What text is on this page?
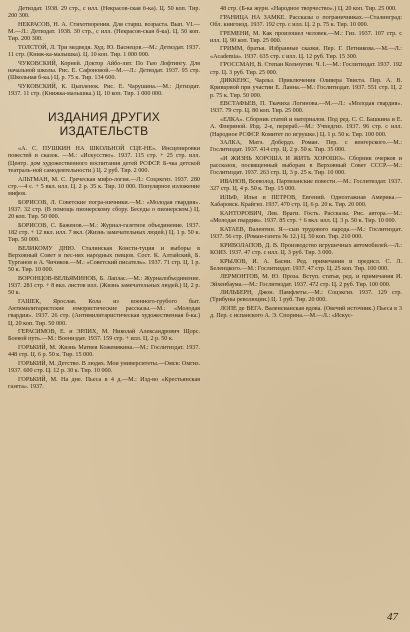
Детиздат. 1938. 29 стр., с илл. (Некрасов-ская б-ка). Ц. 50 коп. Тир. 200 300.

НЕКРАСОВ, Н. А. Стихотворения. Для старш. возраста. Вып. VI.—М.—Л.: Детиздат. 1938. 30 стр., с илл. (Некрасов-ская б-ка). Ц. 50 коп. Тир. 200 300.

ТОЛСТОЙ, Л. Три медведя. Худ. Ю. Васнецов.—М.: Детиздат. 1937. 11 стр. (Книж-ка-малышка). Ц. 10 коп. Тир. 1 000 000.

ЧУКОВСКИЙ, Корней. Доктор Айбо-лит. По Гью Лофтингу. Для начальной школы. Рис. Е. Сафоновой.—М.—Л.: Детиздат. 1937. 95 стр. (Школьная б-ка.) Ц. р. 75 к. Тир. 134 600.

ЧУКОВСКИЙ, К. Цыпленок. Рис. Е. Чарушина.—М.: Детиздат. 1937. 11 стр. (Книжка-малышка.) Ц. 10 коп. Тир. 1 000 000.

ИЗДАНИЯ ДРУГИХ ИЗДАТЕЛЬСТВ

«А. С. ПУШКИН НА ШКОЛЬНОЙ СЦЕ-НЕ». Инсценировки повестей и сказок. —М.: «Искусство». 1937. 115 стр. + 25 стр. илл. (Центр. дом художественного воспитания детей РСФСР. Б-чка детской театраль-ной самодеятельности.) Ц. 2 руб. Тир. 2 000.

АЛЬТМАН, М. С. Греческая мифо-логия.—Л.: Соцэкгиз. 1937. 280 стр.—4 с. + 5 вкл. илл. Ц. 2 р. 35 к. Тир. 10 000. Популярное изложение мифов.

БОРИСОВ, Л. Советские погра-ничники.—М.: «Молодая гвардия». 1937. 32 стр. (В помощь пионерскому сбору. Беседы о пионерском.) Ц. 20 коп. Тир. 50 000.

БОРИСОВ, С. Баженов.—М.: Журнал-газетное объединение. 1937. 182 стр. + 12 вкл. илл. 7 вкл. (Жизнь замечательных людей.) Ц. 1 р. 50 к. Тир. 50 000.

ВЕЛИКОМУ ДНЮ. Сталинская Консти-туция и выборы в Верховный Совет в пес-нях народных певцов. Сост. К. Алтайский, Б. Турганов и А. Чичиков.—М.: «Советский писатель». 1937. 71 стр. Ц. 1 р. 50 к. Тир. 10 000.

ВОРОНЦОВ-ВЕЛЬЯМИНОВ, Б. Лаплас.—М.: Журналобъединение. 1937. 281 стр. + 8 вкл. листов илл. (Жизнь замечательных людей.) Ц. 2 р. 50 к.

ГАШЕК, Ярослав. Кола из военного-грубого быт. Антимилитаристские юмористические рассказы.—М.: «Молодая гвардия». 1937. 26 стр. (Антимилитаристическая художественная б-ка.) Ц. 20 коп. Тир. 50 000.

ГЕРАСИМОВ, Е. и ЭРЛИХ, М. Николай Александрович Щорс. Боевой путь.—М.: Воениздат. 1937. 159 стр. + илл. Ц. 2 р. 50 к.

ГОРЬКИЙ, М. Жизнь Матвея Кожемякина.—М.: Гослитиздат. 1937. 448 стр. Ц. 6 р. 50 к. Тир. 15 000.

ГОРЬКИЙ, М. Детство. В людях. Мои университеты.—Омск: Омгиз. 1937. 600 стр. Ц. 12 р. 30 к. Тир. 10 000.

ГОРЬКИЙ, М. На дне. Пьеса в 4 д.—М.: Изд-во «Крестьянская газета». 1937.

48 стр. (Б-ка журн. «Народное творчество».) Ц. 20 коп. Тир. 25 000.

ГРАНИЦА НА ЗАМКЕ. Рассказы о пограничниках.—Сталинград: Обл. книгоизд. 1937. 192 стр. с илл. Ц. 2 р. 75 к. Тир. 10 000.

ГРЕМЕНИ, М. Как произошел человек.—М.: Гиз. 1937. 107 стр. с илл. Ц. 90 коп. Тир. 25 000.

ГРИММ, братья. Избранные сказки. Пер. Г. Петникова.—М.—Л.: «Academia». 1937. 635 стр. с илл. Ц. 12 руб. Тир. 15 300.

ГРОССМАН, В. Степан Кольчугин. Ч. I.—М.: Гослитиздат. 1937. 192 стр. Ц. 3 руб. Тир. 25 000.

ДИККЕНС, Чарльз. Приключения Оливера Твиста. Пер. А. В. Кривцовой при участии Е. Ланна.—М.: Гослитиздат. 1937. 551 стр. Ц. 2 р. 75 к. Тир. 50 000.

ЕВСТАФЬЕВ, П. Ткачиха Логинова.—М.—Л.: «Молодая гвардия». 1937. 79 стр. Ц. 80 коп. Тир. 25 000.

«ЕЛКА». Сборник статей и материалов. Под ред. С. С. Башкина и Е. А. Флериной. Изд. 2-е, перераб.—М.: Учпедгиз. 1937. 96 стр. с илл. (Народное РСФСР. Комитет по игрушке.) Ц. 1 р. 50 к. Тир. 100 000.

ЗАЛКА, Матэ. Добердо. Роман. Пер. с венгерского.—М.: Гослитиздат. 1937. 414 стр. Ц. 2 р. 50 к. Тир. 35 000.

«И ЖИЗНЬ ХОРОША И ЖИТЬ ХОРОШО». Сборник очерков и рассказов, посвященный выборам в Верховный Совет СССР.—М.: Гослитиздат. 1937. 263 стр. Ц. 3 р. 25 к. Тир. 10 000.

ИВАНОВ, Всеволод. Партизанские повести.—М.: Гослитиздат. 1937. 327 стр. Ц. 4 р. 50 к. Тир. 15 000.

ИЛЬФ, Илья и ПЕТРОВ, Евгений. Одноэтажная Америка.—Хабаровск. Крайгиз. 1937. 470 стр. Ц. 6 р. 20 к. Тир. 20 000.

КАНТОРОВИЧ, Лев. Враги. Гость. Рассказы. Рис. автора.—М.: «Молодая гвардия». 1937. 85 стр. + 6 вкл. илл. Ц. 3 р. 50 к. Тир. 10 000.

КАТАЕВ, Валентин. Я—сын трудового народа.—М.: Гослитиздат. 1937. 56 стр. (Роман-газета № 12.) Ц. 50 коп. Тир. 210 000.

КРИВОЛАПОВ, Д. В. Производство игрушечных автомобилей.—Л.: КОИЗ. 1937. 47 стр. с илл. Ц. 3 руб. Тир. 3 000.

КРЫЛОВ, И. А. Басни. Ред. примечания и предисл. С. Л. Беленцкого.—М.: Гослитиздат. 1937. 47 стр. Ц. 25 коп. Тир. 100 000.

ЛЕРМОНТОВ, М. Ю. Проза. Вступ. статья, ред. и примечания И. Эйхенбаума.—М.: Гослитиздат. 1937. 472 стр. Ц. 2 руб. Тир. 100 000.

ЛИЛЬБЕРН, Джон. Памфлеты.—М.: Соцэкгиз. 1937. 129 стр. (Трибуны революции.) Ц. 1 руб. Тир. 20 000.

ЛОПЕ де ВЕГА. Валенсианская вдова. (Овечий источник.) Пьеса в 3 д. Пер. с испанского А. Э. Спорина.—М.—Л.: «Искус-

47
